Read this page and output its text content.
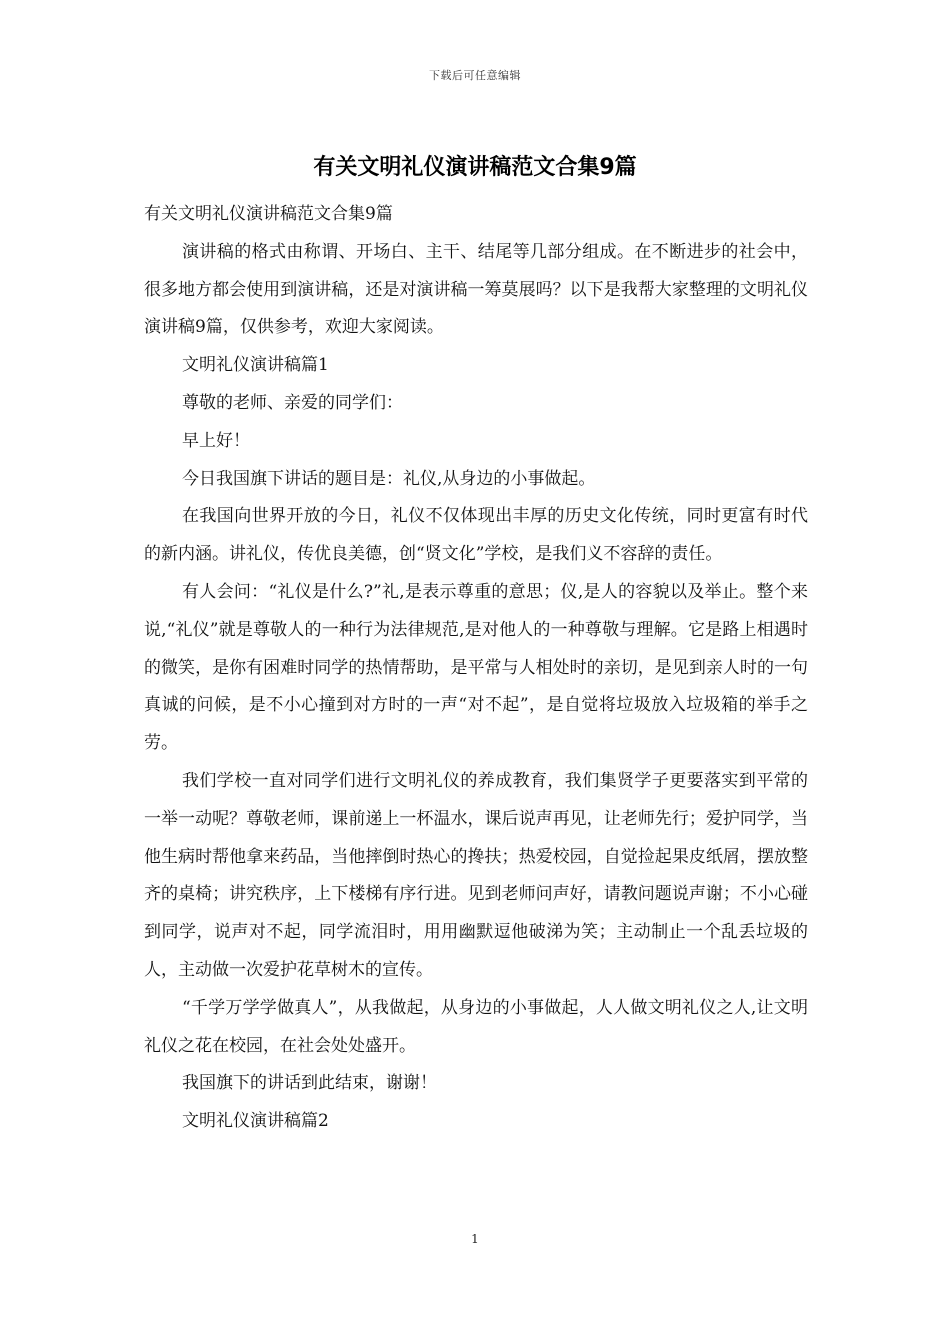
下载后可任意编辑
有关文明礼仪演讲稿范文合集9篇

有关文明礼仪演讲稿范文合集9篇

演讲稿的格式由称谓、开场白、主干、结尾等几部分组成。在不断进步的社会中，很多地方都会使用到演讲稿，还是对演讲稿一筹莫展吗？以下是我帮大家整理的文明礼仪演讲稿9篇，仅供参考，欢迎大家阅读。

文明礼仪演讲稿篇1

尊敬的老师、亲爱的同学们：

早上好！

今日我国旗下讲话的题目是：礼仪,从身边的小事做起。

在我国向世界开放的今日，礼仪不仅体现出丰厚的历史文化传统，同时更富有时代的新内涵。讲礼仪，传优良美德，创“贤文化”学校，是我们义不容辞的责任。

有人会问：“礼仪是什么?”礼,是表示尊重的意思；仪,是人的容貌以及举止。整个来说,“礼仪”就是尊敬人的一种行为法律规范,是对他人的一种尊敬与理解。它是路上相遇时的微笑，是你有困难时同学的热情帮助，是平常与人相处时的亲切，是见到亲人时的一句真诚的问候，是不小心撞到对方时的一声“对不起”，是自觉将垃圾放入垃圾箱的举手之劳。

我们学校一直对同学们进行文明礼仪的养成教育，我们集贤学子更要落实到平常的一举一动呢？尊敬老师，课前递上一杯温水，课后说声再见，让老师先行；爱护同学，当他生病时帮他拿来药品，当他摔倒时热心的搀扶；热爱校园，自觉捡起果皮纸屑，摆放整齐的桌椅；讲究秩序，上下楼梯有序行进。见到老师问声好，请教问题说声谢；不小心碰到同学，说声对不起，同学流泪时，用用幽默逗他破涕为笑；主动制止一个乱丢垃圾的人，主动做一次爱护花草树木的宣传。

“千学万学学做真人”，从我做起，从身边的小事做起，人人做文明礼仪之人,让文明礼仪之花在校园，在社会处处盛开。

我国旗下的讲话到此结束，谢谢！

文明礼仪演讲稿篇2

1
